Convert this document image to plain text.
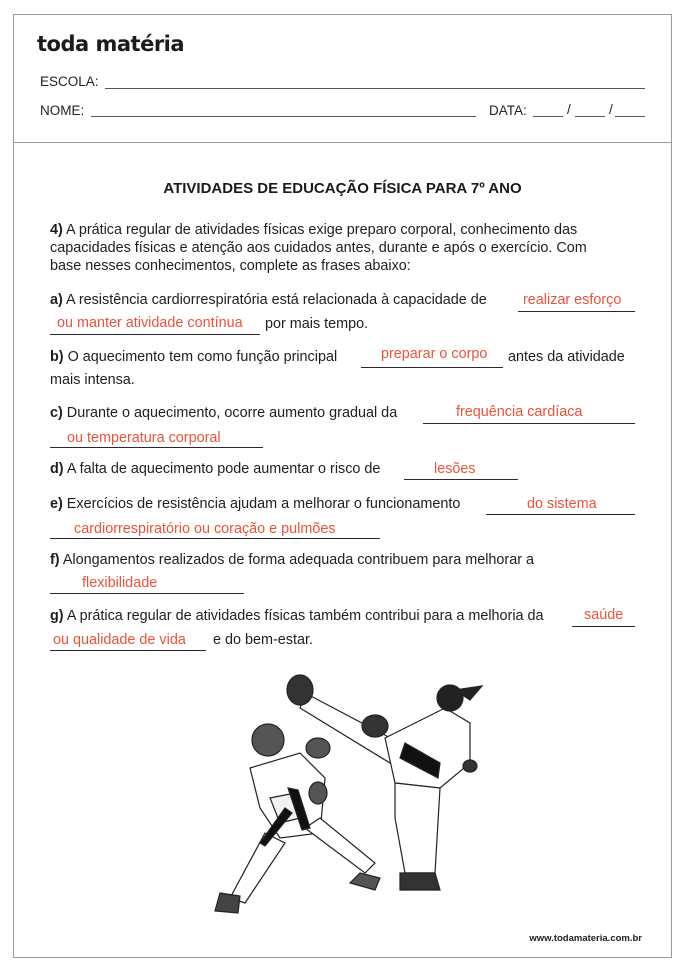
toda matéria
ESCOLA:
NOME:	DATA:	/	/
ATIVIDADES DE EDUCAÇÃO FÍSICA PARA 7º ANO
4) A prática regular de atividades físicas exige preparo corporal, conhecimento das
capacidades físicas e atenção aos cuidados antes, durante e após o exercício. Com
base nesses conhecimentos, complete as frases abaixo:
a) A resistência cardiorrespiratória está relacionada à capacidade de	realizar esforço
ou manter atividade contínua por mais tempo.
b) O aquecimento tem como função principal	preparar o corpo antes da atividade
mais intensa.
c) Durante o aquecimento, ocorre aumento gradual da	frequência cardíaca
ou temperatura corporal
d) A falta de aquecimento pode aumentar o risco de	lesões
e) Exercícios de resistência ajudam a melhorar o funcionamento	do sistema
cardiorrespiratório ou coração e pulmões
f) Alongamentos realizados de forma adequada contribuem para melhorar a
flexibilidade
g) A prática regular de atividades físicas também contribui para a melhoria da	saúde
ou qualidade de vida e do bem-estar.
www.todamateria.com.br
